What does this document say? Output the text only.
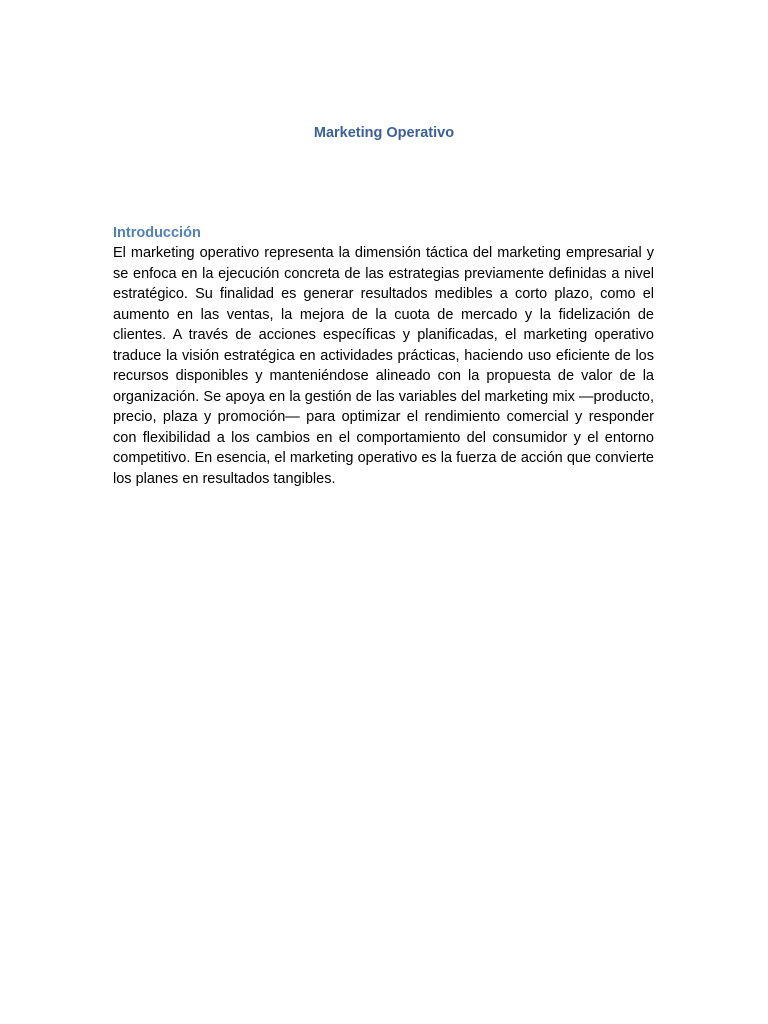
Marketing Operativo
Introducción

El marketing operativo representa la dimensión táctica del marketing empresarial y se enfoca en la ejecución concreta de las estrategias previamente definidas a nivel estratégico. Su finalidad es generar resultados medibles a corto plazo, como el aumento en las ventas, la mejora de la cuota de mercado y la fidelización de clientes. A través de acciones específicas y planificadas, el marketing operativo traduce la visión estratégica en actividades prácticas, haciendo uso eficiente de los recursos disponibles y manteniéndose alineado con la propuesta de valor de la organización. Se apoya en la gestión de las variables del marketing mix —producto, precio, plaza y promoción— para optimizar el rendimiento comercial y responder con flexibilidad a los cambios en el comportamiento del consumidor y el entorno competitivo. En esencia, el marketing operativo es la fuerza de acción que convierte los planes en resultados tangibles.
